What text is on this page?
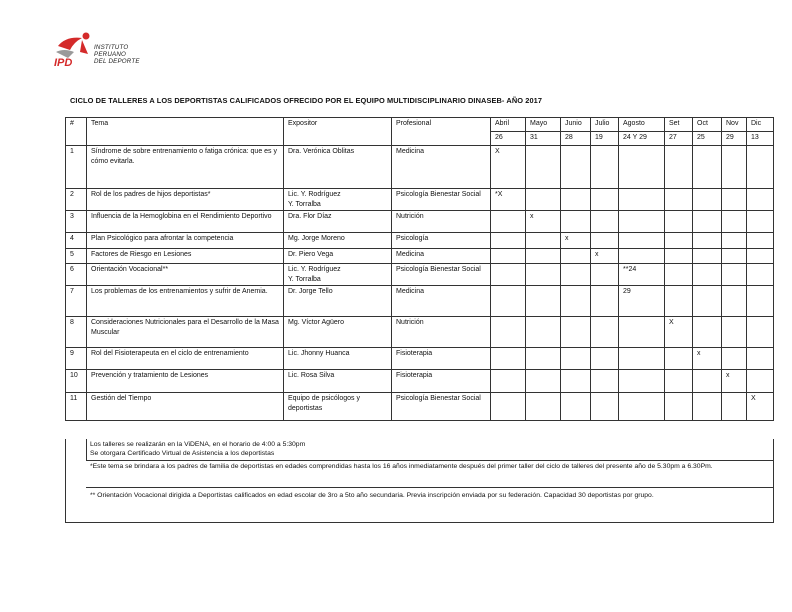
IPD
INSTITUTO
PERUANO
DEL DEPORTE
CICLO DE TALLERES A LOS DEPORTISTAS CALIFICADOS OFRECIDO POR EL EQUIPO MULTIDISCIPLINARIO DINASEB- AÑO 2017
#	Tema	Expositor	Profesional	Abril	Mayo	Junio	Julio	Agosto	Set	Oct	Nov	Dic
				26	31	28	19	24 Y 29	27	25	29	13
1	Síndrome de sobre entrenamiento o fatiga crónica: que es y cómo evitarla.	Dra. Verónica Oblitas	Medicina	X								
2	Rol de los padres de hijos deportistas*	Lic. Y. Rodríguez
Y. Torralba	Psicología Bienestar Social	*X								
3	Influencia de la Hemoglobina en el Rendimiento Deportivo	Dra. Flor Díaz	Nutrición		x							
4	Plan Psicológico para afrontar la competencia	Mg. Jorge Moreno	Psicología			x						
5	Factores de Riesgo en Lesiones	Dr. Piero Vega	Medicina				x					
6	Orientación Vocacional**	Lic. Y. Rodríguez
Y. Torralba	Psicología Bienestar Social					**24				
7	Los problemas de los entrenamientos y sufrir de Anemia.	Dr. Jorge Tello	Medicina					29				
8	Consideraciones Nutricionales para el Desarrollo de la Masa Muscular	Mg. Víctor Agüero	Nutrición						X			
9	Rol del Fisioterapeuta en el ciclo de entrenamiento	Lic. Jhonny Huanca	Fisioterapia							x		
10	Prevención y tratamiento de Lesiones	Lic. Rosa Silva	Fisioterapia								x	
11	Gestión del Tiempo	Equipo de psicólogos y deportistas	Psicología Bienestar Social									X
Los talleres se realizarán en la ViDENA, en el horario de 4:00 a 5:30pm
Se otorgara Certificado Virtual de Asistencia a los deportistas
*Este tema se brindara a los padres de familia de deportistas en edades comprendidas hasta los 16 años inmediatamente después del primer taller del ciclo de talleres del presente año de 5.30pm a 6.30Pm.
** Orientación Vocacional dirigida a Deportistas calificados en edad escolar de 3ro a 5to año secundaria. Previa inscripción enviada por su federación. Capacidad 30 deportistas por grupo.
